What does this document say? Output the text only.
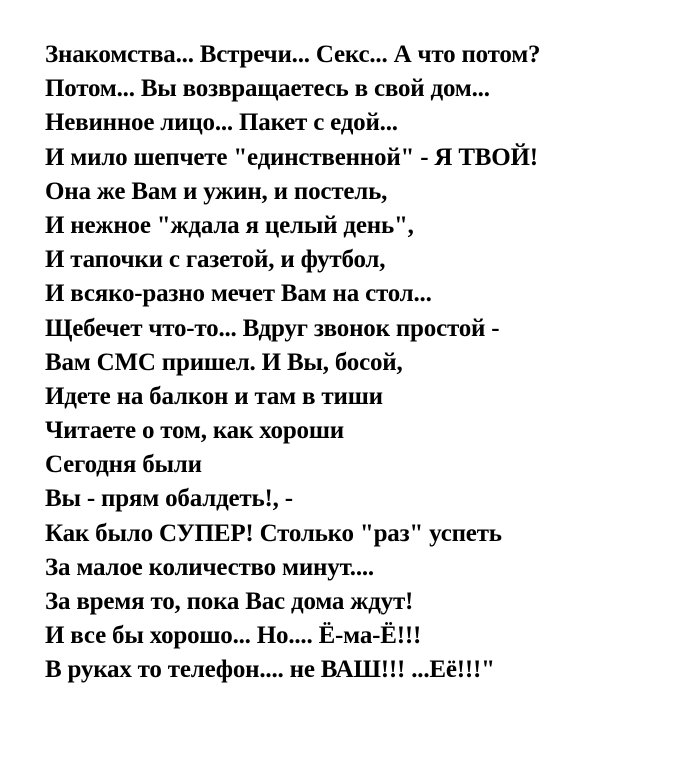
Знакомства... Встречи... Секс... А что потом?
Потом... Вы возвращаетесь в свой дом...
Невинное лицо... Пакет с едой...
И мило шепчете "единственной" - Я ТВОЙ!
Она же Вам и ужин, и постель,
И нежное "ждала я целый день",
И тапочки с газетой, и футбол,
И всяко-разно мечет Вам на стол...
Щебечет что-то... Вдруг звонок простой -
Вам СМС пришел. И Вы, босой,
Идете на балкон и там в тиши
Читаете о том, как хороши
Сегодня были
Вы - прям обалдеть!, -
Как было СУПЕР! Столько "раз" успеть
За малое количество минут....
За время то, пока Вас дома ждут!
И все бы хорошо... Но.... Ё-ма-Ё!!!
В руках то телефон.... не ВАШ!!! ...Её!!!"
